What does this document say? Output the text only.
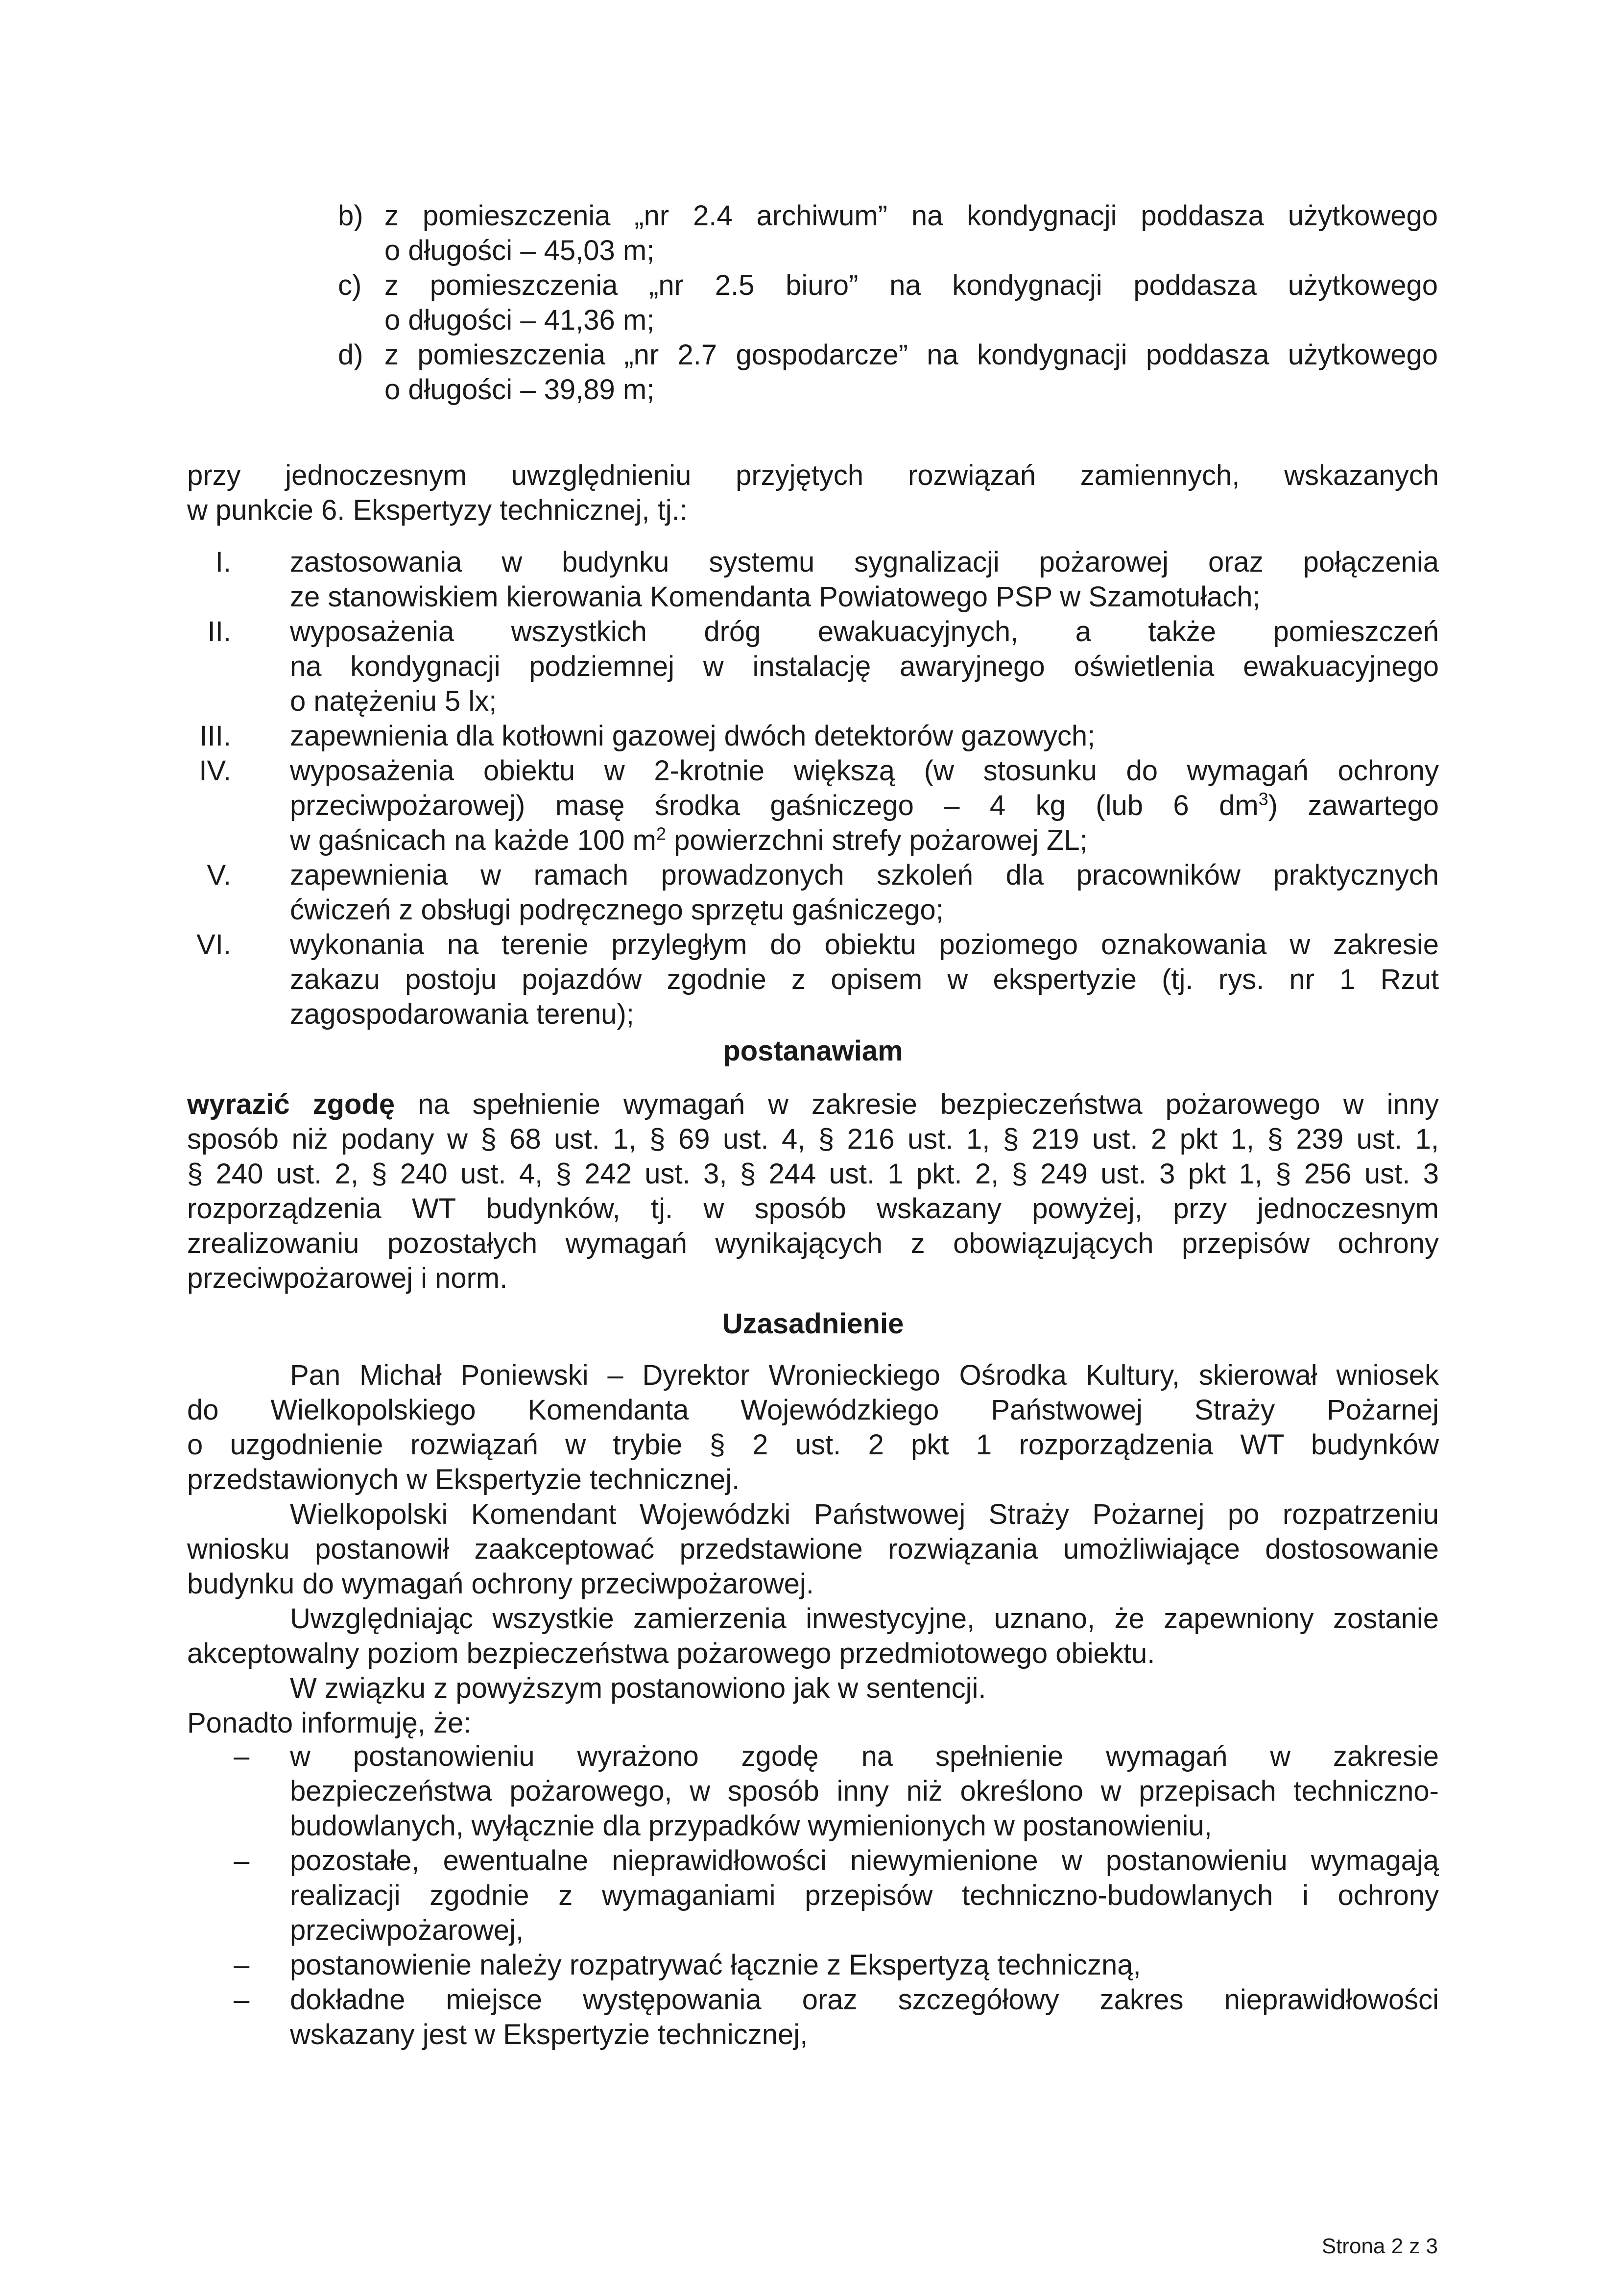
b) z pomieszczenia „nr 2.4 archiwum” na kondygnacji poddasza użytkowego
o długości – 45,03 m;
c) z pomieszczenia „nr 2.5 biuro” na kondygnacji poddasza użytkowego
o długości – 41,36 m;
d) z pomieszczenia „nr 2.7 gospodarcze” na kondygnacji poddasza użytkowego
o długości – 39,89 m;
przy jednoczesnym uwzględnieniu przyjętych rozwiązań zamiennych, wskazanych
w punkcie 6. Ekspertyzy technicznej, tj.:
I. zastosowania w budynku systemu sygnalizacji pożarowej oraz połączenia
ze stanowiskiem kierowania Komendanta Powiatowego PSP w Szamotułach;
II. wyposażenia wszystkich dróg ewakuacyjnych, a także pomieszczeń
na kondygnacji podziemnej w instalację awaryjnego oświetlenia ewakuacyjnego
o natężeniu 5 lx;
III. zapewnienia dla kotłowni gazowej dwóch detektorów gazowych;
IV. wyposażenia obiektu w 2-krotnie większą (w stosunku do wymagań ochrony
przeciwpożarowej) masę środka gaśniczego – 4 kg (lub 6 $dm^3$) zawartego
w gaśnicach na każde 100 $m^2$ powierzchni strefy pożarowej ZL;
V. zapewnienia w ramach prowadzonych szkoleń dla pracowników praktycznych
ćwiczeń z obsługi podręcznego sprzętu gaśniczego;
VI. wykonania na terenie przyległym do obiektu poziomego oznakowania w zakresie
zakazu postoju pojazdów zgodnie z opisem w ekspertyzie (tj. rys. nr 1 Rzut
zagospodarowania terenu);
postanawiam
wyrazić zgodę na spełnienie wymagań w zakresie bezpieczeństwa pożarowego w inny
sposób niż podany w § 68 ust. 1, § 69 ust. 4, § 216 ust. 1, § 219 ust. 2 pkt 1, § 239 ust. 1,
§ 240 ust. 2, § 240 ust. 4, § 242 ust. 3, § 244 ust. 1 pkt. 2, § 249 ust. 3 pkt 1, § 256 ust. 3
rozporządzenia WT budynków, tj. w sposób wskazany powyżej, przy jednoczesnym
zrealizowaniu pozostałych wymagań wynikających z obowiązujących przepisów ochrony
przeciwpożarowej i norm.
Uzasadnienie
Pan Michał Poniewski – Dyrektor Wronieckiego Ośrodka Kultury, skierował wniosek
do Wielkopolskiego Komendanta Wojewódzkiego Państwowej Straży Pożarnej
o uzgodnienie rozwiązań w trybie § 2 ust. 2 pkt 1 rozporządzenia WT budynków
przedstawionych w Ekspertyzie technicznej.
Wielkopolski Komendant Wojewódzki Państwowej Straży Pożarnej po rozpatrzeniu
wniosku postanowił zaakceptować przedstawione rozwiązania umożliwiające dostosowanie
budynku do wymagań ochrony przeciwpożarowej.
Uwzględniając wszystkie zamierzenia inwestycyjne, uznano, że zapewniony zostanie
akceptowalny poziom bezpieczeństwa pożarowego przedmiotowego obiektu.
W związku z powyższym postanowiono jak w sentencji.
Ponadto informuję, że:
– w postanowieniu wyrażono zgodę na spełnienie wymagań w zakresie
bezpieczeństwa pożarowego, w sposób inny niż określono w przepisach techniczno-
budowlanych, wyłącznie dla przypadków wymienionych w postanowieniu,
– pozostałe, ewentualne nieprawidłowości niewymienione w postanowieniu wymagają
realizacji zgodnie z wymaganiami przepisów techniczno-budowlanych i ochrony
przeciwpożarowej,
– postanowienie należy rozpatrywać łącznie z Ekspertyzą techniczną,
– dokładne miejsce występowania oraz szczegółowy zakres nieprawidłowości
wskazany jest w Ekspertyzie technicznej,
Strona 2 z 3
